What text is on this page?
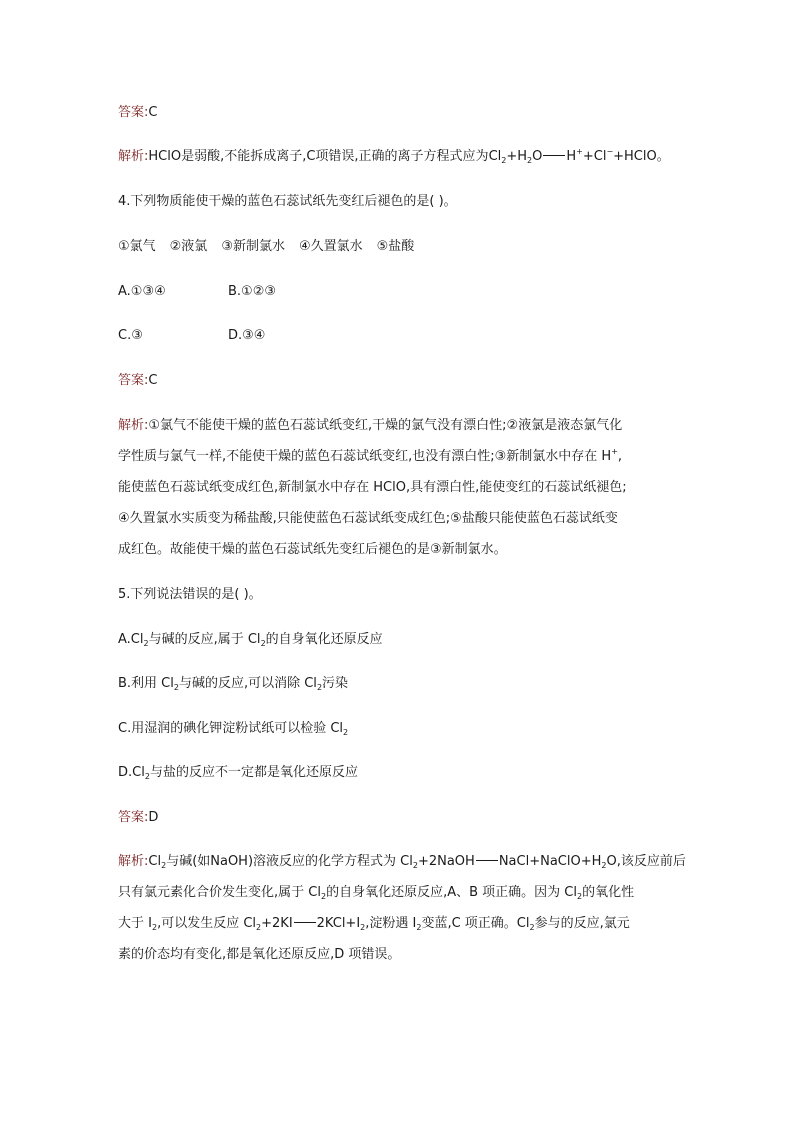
答案:C
解析:HClO是弱酸,不能拆成离子,C项错误,正确的离子方程式应为$Cl_2+H_2O$ H++Cl−+HClO。
4.下列物质能使干燥的蓝色石蕊试纸先变红后褪色的是( )。
①氯气 ②液氯 ③新制氯水 ④久置氯水 ⑤盐酸
A.①③④	B.①②③
C.③	D.③④
答案:C
解析:①氯气不能使干燥的蓝色石蕊试纸变红,干燥的氯气没有漂白性;②液氯是液态氯气化
学性质与氯气一样,不能使干燥的蓝色石蕊试纸变红,也没有漂白性;③新制氯水中存在 H+,
能使蓝色石蕊试纸变成红色,新制氯水中存在 HClO,具有漂白性,能使变红的石蕊试纸褪色;
④久置氯水实质变为稀盐酸,只能使蓝色石蕊试纸变成红色;⑤盐酸只能使蓝色石蕊试纸变
成红色。故能使干燥的蓝色石蕊试纸先变红后褪色的是③新制氯水。
5.下列说法错误的是( )。
$A.Cl_2$与碱的反应,属于 $Cl_2$的自身氧化还原反应
B.利用 $Cl_2$与碱的反应,可以消除 $Cl_2$污染
C.用湿润的碘化钾淀粉试纸可以检验 $Cl_2$
$D.Cl_2$与盐的反应不一定都是氧化还原反应
答案:D
解析$:Cl_2$与碱(如NaOH)溶液反应的化学方程式为 $Cl_2+2NaOH$ $NaCl+NaClO+H_2O$,该反应前后
只有氯元素化合价发生变化,属于 $Cl_2$的自身氧化还原反应,A、B 项正确。因为 $Cl_2$的氧化性
大于 $I_2$,可以发生反应 $Cl_2+2KI$ $2KCl+I_2$,淀粉遇 $I_2$变蓝,C 项正确。$Cl_2$参与的反应,氯元
素的价态均有变化,都是氧化还原反应,D 项错误。
